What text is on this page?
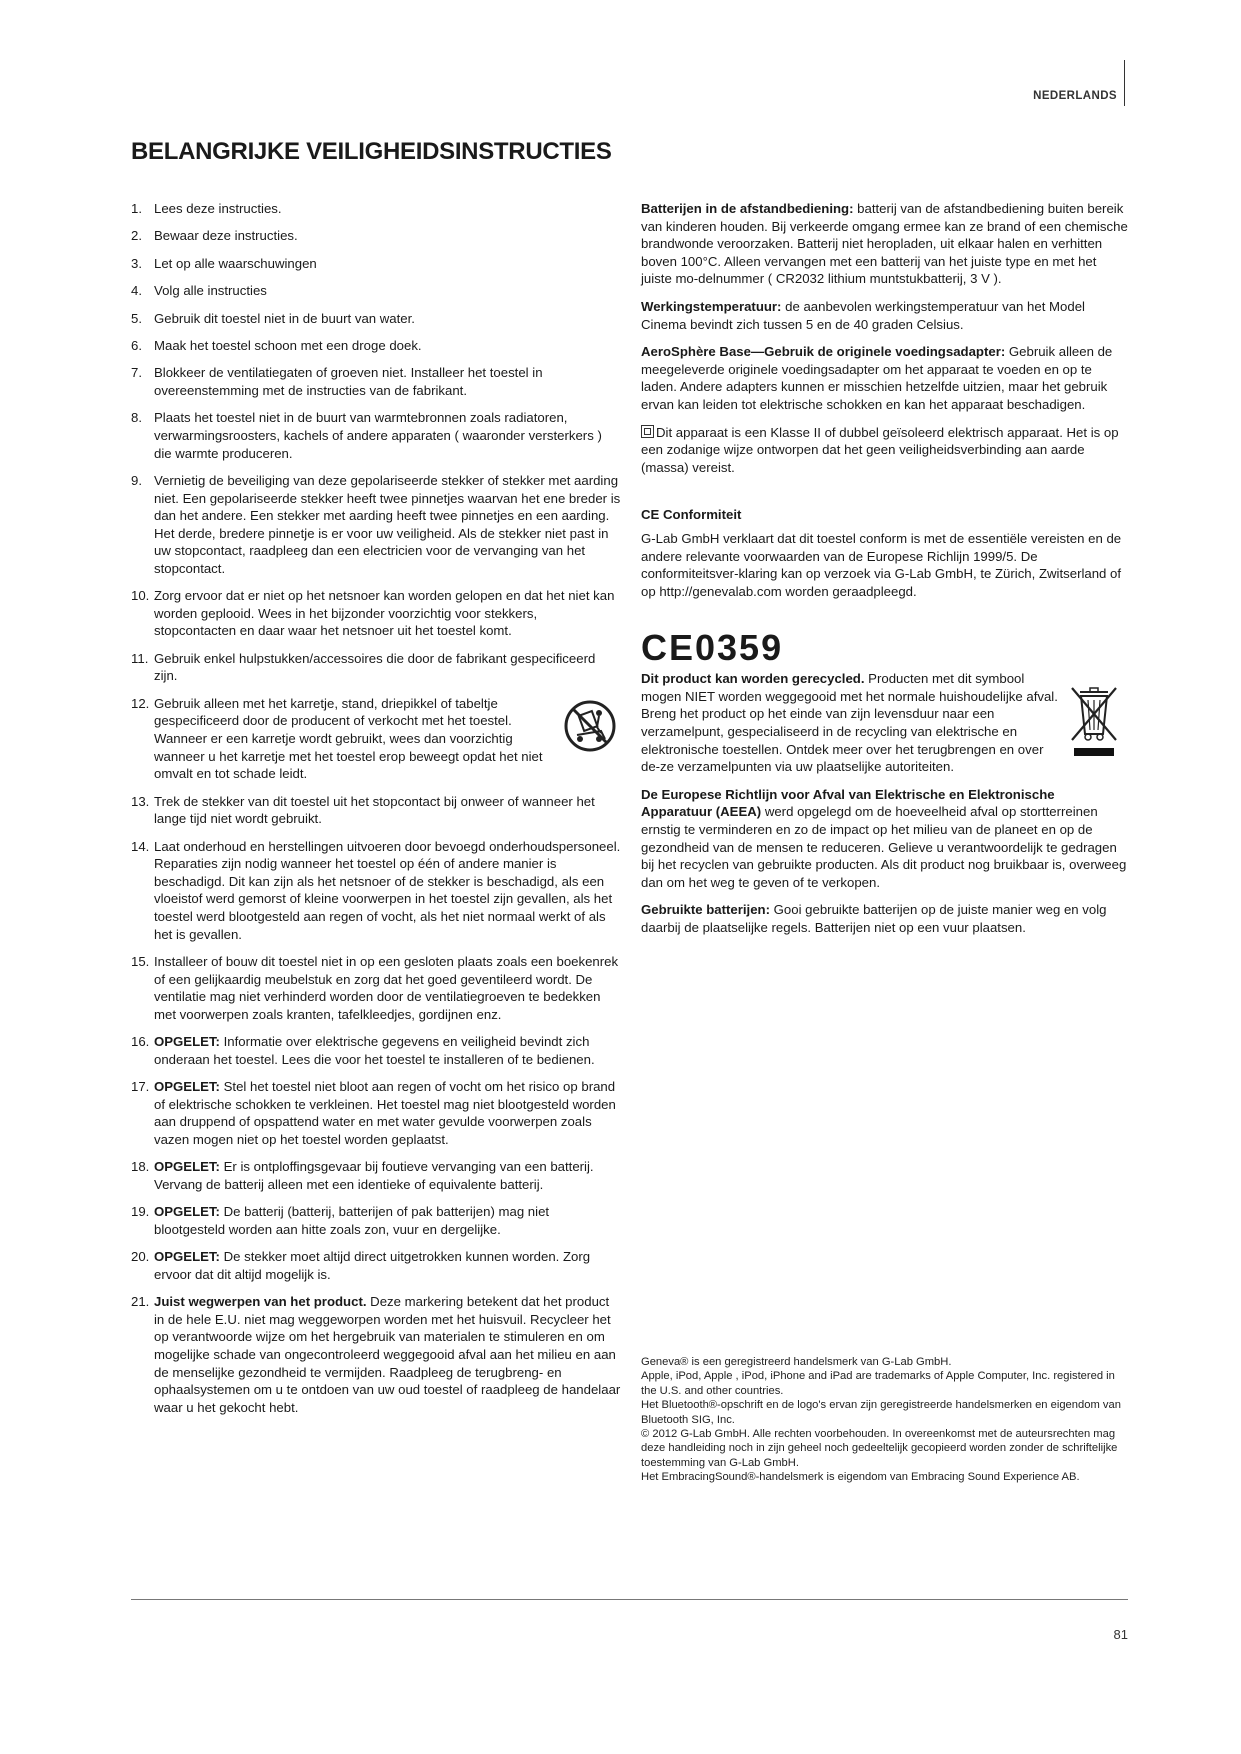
NEDERLANDS
BELANGRIJKE VEILIGHEIDSINSTRUCTIES
1. Lees deze instructies.
2. Bewaar deze instructies.
3. Let op alle waarschuwingen
4. Volg alle instructies
5. Gebruik dit toestel niet in de buurt van water.
6. Maak het toestel schoon met een droge doek.
7. Blokkeer de ventilatiegaten of groeven niet. Installeer het toestel in overeenstemming met de instructies van de fabrikant.
8. Plaats het toestel niet in de buurt van warmtebronnen zoals radiatoren, verwarmingsroosters, kachels of andere apparaten ( waaronder versterkers ) die warmte produceren.
9. Vernietig de beveiliging van deze gepolariseerde stekker of stekker met aarding niet. Een gepolariseerde stekker heeft twee pinnetjes waarvan het ene breder is dan het andere. Een stekker met aarding heeft twee pinnetjes en een aarding. Het derde, bredere pinnetje is er voor uw veiligheid. Als de stekker niet past in uw stopcontact, raadpleeg dan een electricien voor de vervanging van het stopcontact.
10. Zorg ervoor dat er niet op het netsnoer kan worden gelopen en dat het niet kan worden geplooid. Wees in het bijzonder voorzichtig voor stekkers, stopcontacten en daar waar het netsnoer uit het toestel komt.
11. Gebruik enkel hulpstukken/accessoires die door de fabrikant gespecificeerd zijn.
12. Gebruik alleen met het karretje, stand, driepikkel of tabeltje gespecificeerd door de producent of verkocht met het toestel. Wanneer er een karretje wordt gebruikt, wees dan voorzichtig wanneer u het karretje met het toestel erop beweegt opdat het niet omvalt en tot schade leidt.
13. Trek de stekker van dit toestel uit het stopcontact bij onweer of wanneer het lange tijd niet wordt gebruikt.
14. Laat onderhoud en herstellingen uitvoeren door bevoegd onderhoudspersoneel. Reparaties zijn nodig wanneer het toestel op één of andere manier is beschadigd. Dit kan zijn als het netsnoer of de stekker is beschadigd, als een vloeistof werd gemorst of kleine voorwerpen in het toestel zijn gevallen, als het toestel werd blootgesteld aan regen of vocht, als het niet normaal werkt of als het is gevallen.
15. Installeer of bouw dit toestel niet in op een gesloten plaats zoals een boekenrek of een gelijkaardig meubelstuk en zorg dat het goed geventileerd wordt. De ventilatie mag niet verhinderd worden door de ventilatiegroeven te bedekken met voorwerpen zoals kranten, tafelkleedjes, gordijnen enz.
16. OPGELET: Informatie over elektrische gegevens en veiligheid bevindt zich onderaan het toestel. Lees die voor het toestel te installeren of te bedienen.
17. OPGELET: Stel het toestel niet bloot aan regen of vocht om het risico op brand of elektrische schokken te verkleinen. Het toestel mag niet blootgesteld worden aan druppend of opspattend water en met water gevulde voorwerpen zoals vazen mogen niet op het toestel worden geplaatst.
18. OPGELET: Er is ontploffingsgevaar bij foutieve vervanging van een batterij. Vervang de batterij alleen met een identieke of equivalente batterij.
19. OPGELET: De batterij (batterij, batterijen of pak batterijen) mag niet blootgesteld worden aan hitte zoals zon, vuur en dergelijke.
20. OPGELET: De stekker moet altijd direct uitgetrokken kunnen worden. Zorg ervoor dat dit altijd mogelijk is.
21. Juist wegwerpen van het product. Deze markering betekent dat het product in de hele E.U. niet mag weggeworpen worden met het huisvuil. Recycleer het op verantwoorde wijze om het hergebruik van materialen te stimuleren en om mogelijke schade van ongecontroleerd weggegooid afval aan het milieu en aan de menselijke gezondheid te vermijden. Raadpleeg de terugbreng- en ophaalsystemen om u te ontdoen van uw oud toestel of raadpleeg de handelaar waar u het gekocht hebt.

Batterijen in de afstandbediening: batterij van de afstandbediening buiten bereik van kinderen houden. Bij verkeerde omgang ermee kan ze brand of een chemische brandwonde veroorzaken. Batterij niet heropladen, uit elkaar halen en verhitten boven 100°C. Alleen vervangen met een batterij van het juiste type en met het juiste mo-delnummer ( CR2032 lithium muntstukbatterij, 3 V ).

Werkingstemperatuur: de aanbevolen werkingstemperatuur van het Model Cinema bevindt zich tussen 5 en de 40 graden Celsius.

AeroSphère Base—Gebruik de originele voedingsadapter: Gebruik alleen de meegeleverde originele voedingsadapter om het apparaat te voeden en op te laden. Andere adapters kunnen er misschien hetzelfde uitzien, maar het gebruik ervan kan leiden tot elektrische schokken en kan het apparaat beschadigen.

Dit apparaat is een Klasse II of dubbel geïsoleerd elektrisch apparaat. Het is op een zodanige wijze ontworpen dat het geen veiligheidsverbinding aan aarde (massa) vereist.

CE Conformiteit

G-Lab GmbH verklaart dat dit toestel conform is met de essentiële vereisten en de andere relevante voorwaarden van de Europese Richlijn 1999/5. De conformiteitsver-klaring kan op verzoek via G-Lab GmbH, te Zürich, Zwitserland of op http://genevalab.com worden geraadpleegd.

CE0359

Dit product kan worden gerecycled. Producten met dit symbool mogen NIET worden weggegooid met het normale huishoudelijke afval. Breng het product op het einde van zijn levensduur naar een verzamelpunt, gespecialiseerd in de recycling van elektrische en elektronische toestellen. Ontdek meer over het terugbrengen en over de-ze verzamelpunten via uw plaatselijke autoriteiten.

De Europese Richtlijn voor Afval van Elektrische en Elektronische Apparatuur (AEEA) werd opgelegd om de hoeveelheid afval op stortterreinen ernstig te verminderen en zo de impact op het milieu van de planeet en op de gezondheid van de mensen te reduceren. Gelieve u verantwoordelijk te gedragen bij het recyclen van gebruikte producten. Als dit product nog bruikbaar is, overweeg dan om het weg te geven of te verkopen.

Gebruikte batterijen: Gooi gebruikte batterijen op de juiste manier weg en volg daarbij de plaatselijke regels. Batterijen niet op een vuur plaatsen.

Geneva® is een geregistreerd handelsmerk van G-Lab GmbH.
Apple, iPod, Apple , iPod, iPhone and iPad are trademarks of Apple Computer, Inc. registered in the U.S. and other countries.
Het Bluetooth®-opschrift en de logo's ervan zijn geregistreerde handelsmerken en eigendom van Bluetooth SIG, Inc.
© 2012 G-Lab GmbH. Alle rechten voorbehouden. In overeenkomst met de auteursrechten mag deze handleiding noch in zijn geheel noch gedeeltelijk gecopieerd worden zonder de schriftelijke toestemming van G-Lab GmbH.
Het EmbracingSound®-handelsmerk is eigendom van Embracing Sound Experience AB.
81
